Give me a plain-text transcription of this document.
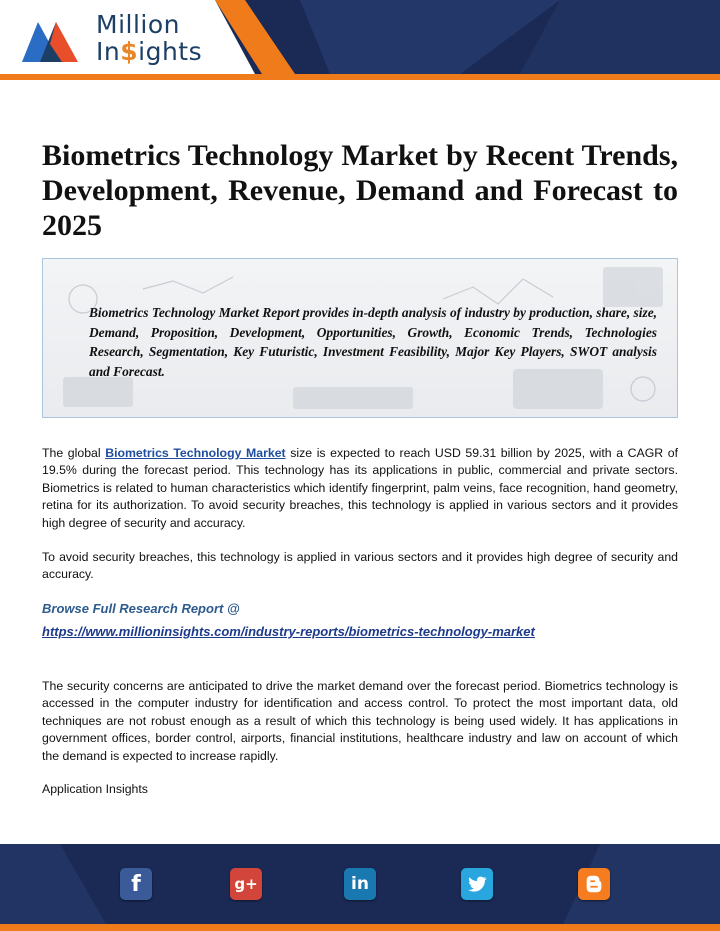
Million
In$ights
Biometrics Technology Market by Recent Trends, Development, Revenue, Demand and Forecast to 2025

Biometrics Technology Market Report provides in-depth analysis of industry by production, share, size, Demand, Proposition, Development, Opportunities, Growth, Economic Trends, Technologies Research, Segmentation, Key Futuristic, Investment Feasibility, Major Key Players, SWOT analysis and Forecast.

The global Biometrics Technology Market size is expected to reach USD 59.31 billion by 2025, with a CAGR of 19.5% during the forecast period. This technology has its applications in public, commercial and private sectors. Biometrics is related to human characteristics which identify fingerprint, palm veins, face recognition, hand geometry, retina for its authorization. To avoid security breaches, this technology is applied in various sectors and it provides high degree of security and accuracy.

To avoid security breaches, this technology is applied in various sectors and it provides high degree of security and accuracy.

Browse Full Research Report @

https://www.millioninsights.com/industry-reports/biometrics-technology-market

The security concerns are anticipated to drive the market demand over the forecast period. Biometrics technology is accessed in the computer industry for identification and access control. To protect the most important data, old techniques are not robust enough as a result of which this technology is being used widely. It has applications in government offices, border control, airports, financial institutions, healthcare industry and law on account of which the demand is expected to increase rapidly.

Application Insights

f	g+	in
